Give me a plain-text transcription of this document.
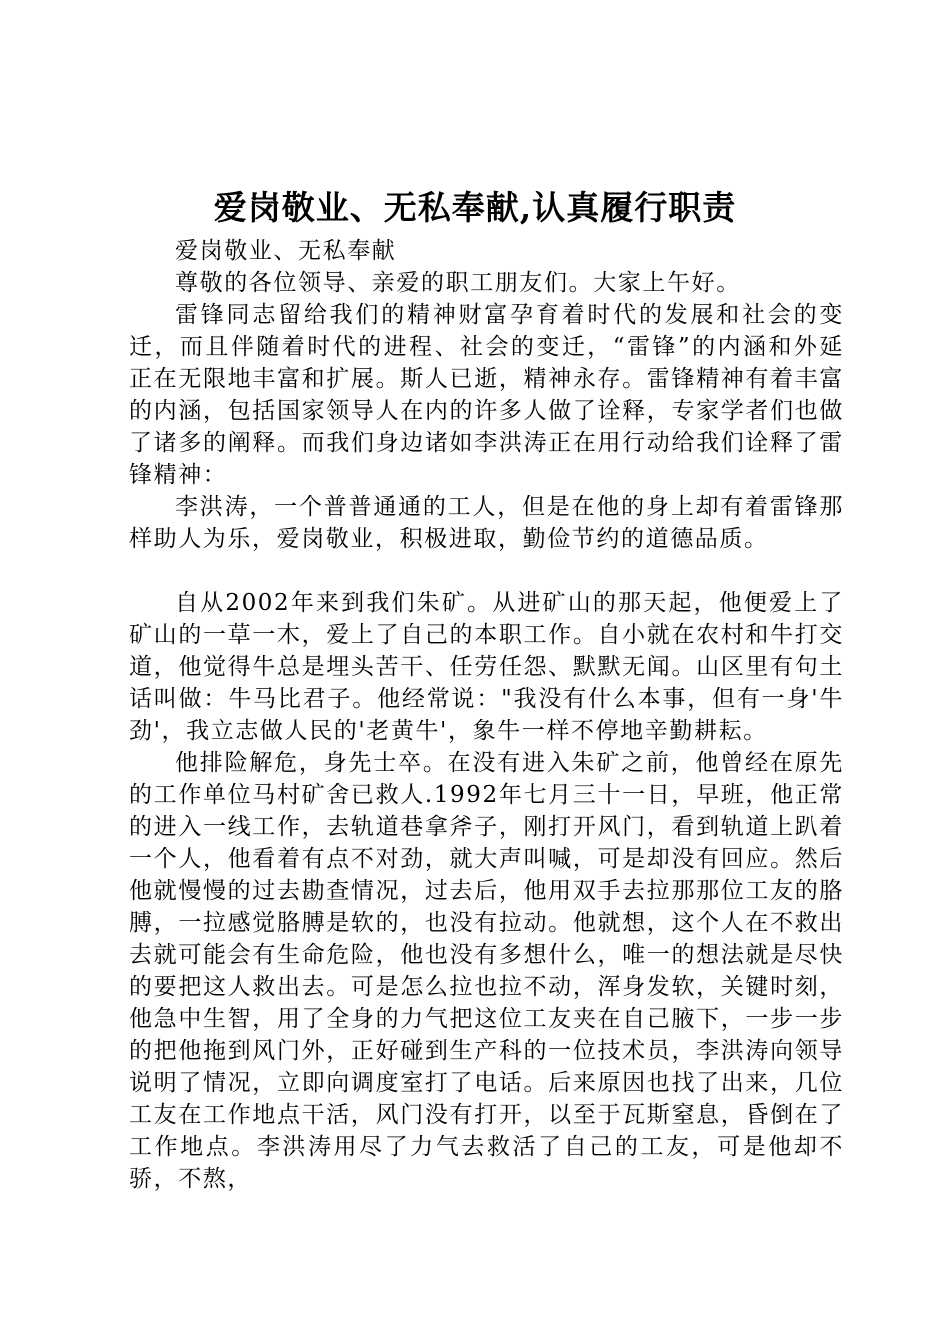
爱岗敬业、无私奉献,认真履行职责

爱岗敬业、无私奉献

尊敬的各位领导、亲爱的职工朋友们。大家上午好。

雷锋同志留给我们的精神财富孕育着时代的发展和社会的变迁，而且伴随着时代的进程、社会的变迁，“雷锋”的内涵和外延正在无限地丰富和扩展。斯人已逝，精神永存。雷锋精神有着丰富的内涵，包括国家领导人在内的许多人做了诠释，专家学者们也做了诸多的阐释。而我们身边诸如李洪涛正在用行动给我们诠释了雷锋精神：

李洪涛，一个普普通通的工人，但是在他的身上却有着雷锋那样助人为乐，爱岗敬业，积极进取，勤俭节约的道德品质。

自从2002年来到我们朱矿。从进矿山的那天起，他便爱上了矿山的一草一木，爱上了自己的本职工作。自小就在农村和牛打交道，他觉得牛总是埋头苦干、任劳任怨、默默无闻。山区里有句土话叫做：牛马比君子。他经常说："我没有什么本事，但有一身'牛劲'，我立志做人民的'老黄牛'，象牛一样不停地辛勤耕耘。

他排险解危，身先士卒。在没有进入朱矿之前，他曾经在原先的工作单位马村矿舍已救人.1992年七月三十一日，早班，他正常的进入一线工作，去轨道巷拿斧子，刚打开风门，看到轨道上趴着一个人，他看着有点不对劲，就大声叫喊，可是却没有回应。然后他就慢慢的过去勘查情况，过去后，他用双手去拉那那位工友的胳膊，一拉感觉胳膊是软的，也没有拉动。他就想，这个人在不救出去就可能会有生命危险，他也没有多想什么，唯一的想法就是尽快的要把这人救出去。可是怎么拉也拉不动，浑身发软，关键时刻，他急中生智，用了全身的力气把这位工友夹在自己腋下，一步一步的把他拖到风门外，正好碰到生产科的一位技术员，李洪涛向领导说明了情况，立即向调度室打了电话。后来原因也找了出来，几位工友在工作地点干活，风门没有打开，以至于瓦斯窒息，昏倒在了工作地点。李洪涛用尽了力气去救活了自己的工友，可是他却不骄，不熬，
